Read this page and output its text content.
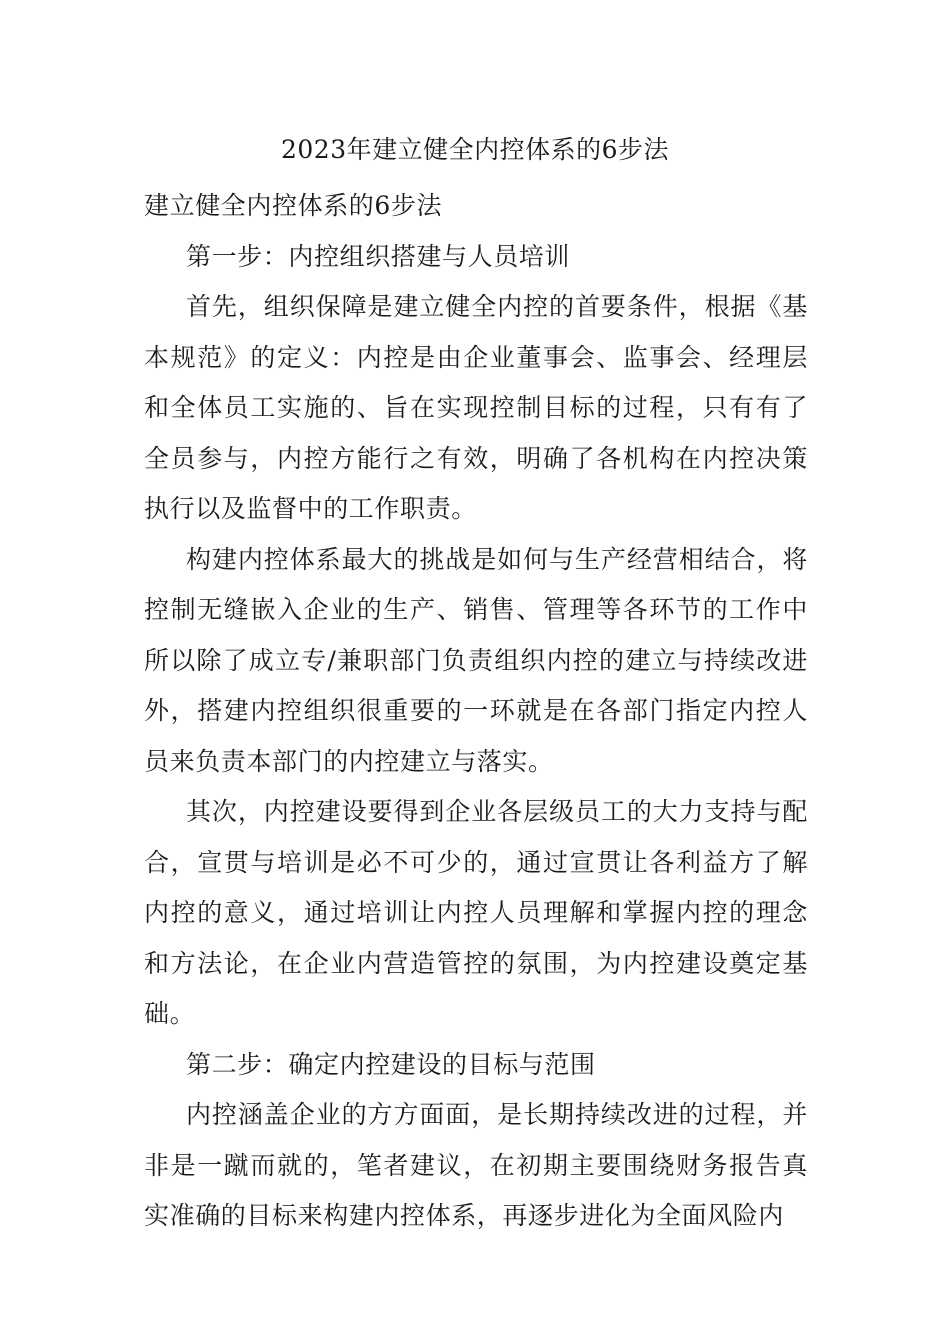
2023年建立健全内控体系的6步法

建立健全内控体系的6步法

第一步：内控组织搭建与人员培训

首先，组织保障是建立健全内控的首要条件，根据《基本规范》的定义：内控是由企业董事会、监事会、经理层和全体员工实施的、旨在实现控制目标的过程，只有有了全员参与，内控方能行之有效，明确了各机构在内控决策执行以及监督中的工作职责。

构建内控体系最大的挑战是如何与生产经营相结合，将控制无缝嵌入企业的生产、销售、管理等各环节的工作中所以除了成立专/兼职部门负责组织内控的建立与持续改进外，搭建内控组织很重要的一环就是在各部门指定内控人员来负责本部门的内控建立与落实。

其次，内控建设要得到企业各层级员工的大力支持与配合，宣贯与培训是必不可少的，通过宣贯让各利益方了解内控的意义，通过培训让内控人员理解和掌握内控的理念和方法论，在企业内营造管控的氛围，为内控建设奠定基础。

第二步：确定内控建设的目标与范围

内控涵盖企业的方方面面，是长期持续改进的过程，并非是一蹴而就的，笔者建议，在初期主要围绕财务报告真实准确的目标来构建内控体系，再逐步进化为全面风险内
